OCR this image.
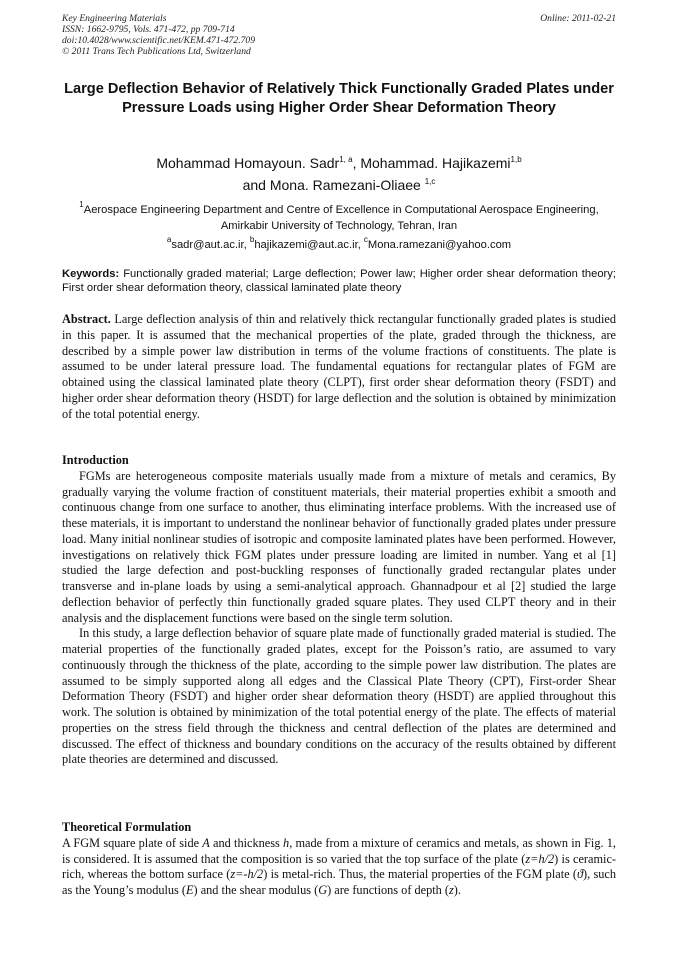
Key Engineering Materials
ISSN: 1662-9795, Vols. 471-472, pp 709-714
doi:10.4028/www.scientific.net/KEM.471-472.709
© 2011 Trans Tech Publications Ltd, Switzerland
Online: 2011-02-21
Large Deflection Behavior of Relatively Thick Functionally Graded Plates under Pressure Loads using Higher Order Shear Deformation Theory
Mohammad Homayoun. Sadr$^{1, a}$, Mohammad. Hajikazemi$^{1,b}$
and Mona. Ramezani-Oliaee $^{1,c}$
$^1$Aerospace Engineering Department and Centre of Excellence in Computational Aerospace Engineering, Amirkabir University of Technology, Tehran, Iran
$^a$sadr@aut.ac.ir, $^b$hajikazemi@aut.ac.ir, $^c$Mona.ramezani@yahoo.com
Keywords: Functionally graded material; Large deflection; Power law; Higher order shear deformation theory; First order shear deformation theory, classical laminated plate theory

Abstract. Large deflection analysis of thin and relatively thick rectangular functionally graded plates is studied in this paper. It is assumed that the mechanical properties of the plate, graded through the thickness, are described by a simple power law distribution in terms of the volume fractions of constituents. The plate is assumed to be under lateral pressure load. The fundamental equations for rectangular plates of FGM are obtained using the classical laminated plate theory (CLPT), first order shear deformation theory (FSDT) and higher order shear deformation theory (HSDT) for large deflection and the solution is obtained by minimization of the total potential energy.

Introduction

FGMs are heterogeneous composite materials usually made from a mixture of metals and ceramics, By gradually varying the volume fraction of constituent materials, their material properties exhibit a smooth and continuous change from one surface to another, thus eliminating interface problems. With the increased use of these materials, it is important to understand the nonlinear behavior of functionally graded plates under pressure load. Many initial nonlinear studies of isotropic and composite laminated plates have been performed. However, investigations on relatively thick FGM plates under pressure loading are limited in number. Yang et al [1] studied the large defection and post-buckling responses of functionally graded rectangular plates under transverse and in-plane loads by using a semi-analytical approach. Ghannadpour et al [2] studied the large deflection behavior of perfectly thin functionally graded square plates. They used CLPT theory and in their analysis and the displacement functions were based on the single term solution.

In this study, a large deflection behavior of square plate made of functionally graded material is studied. The material properties of the functionally graded plates, except for the Poisson’s ratio, are assumed to vary continuously through the thickness of the plate, according to the simple power law distribution. The plates are assumed to be simply supported along all edges and the Classical Plate Theory (CPT), First-order Shear Deformation Theory (FSDT) and higher order shear deformation theory (HSDT) are applied throughout this work. The solution is obtained by minimization of the total potential energy of the plate. The effects of material properties on the stress field through the thickness and central deflection of the plates are determined and discussed. The effect of thickness and boundary conditions on the accuracy of the results obtained by different plate theories are determined and discussed.

Theoretical Formulation

A FGM square plate of side A and thickness h, made from a mixture of ceramics and metals, as shown in Fig. 1, is considered. It is assumed that the composition is so varied that the top surface of the plate (z=h/2) is ceramic-rich, whereas the bottom surface (z=-h/2) is metal-rich. Thus, the material properties of the FGM plate (ϑ), such as the Young’s modulus (E) and the shear modulus (G) are functions of depth (z).
